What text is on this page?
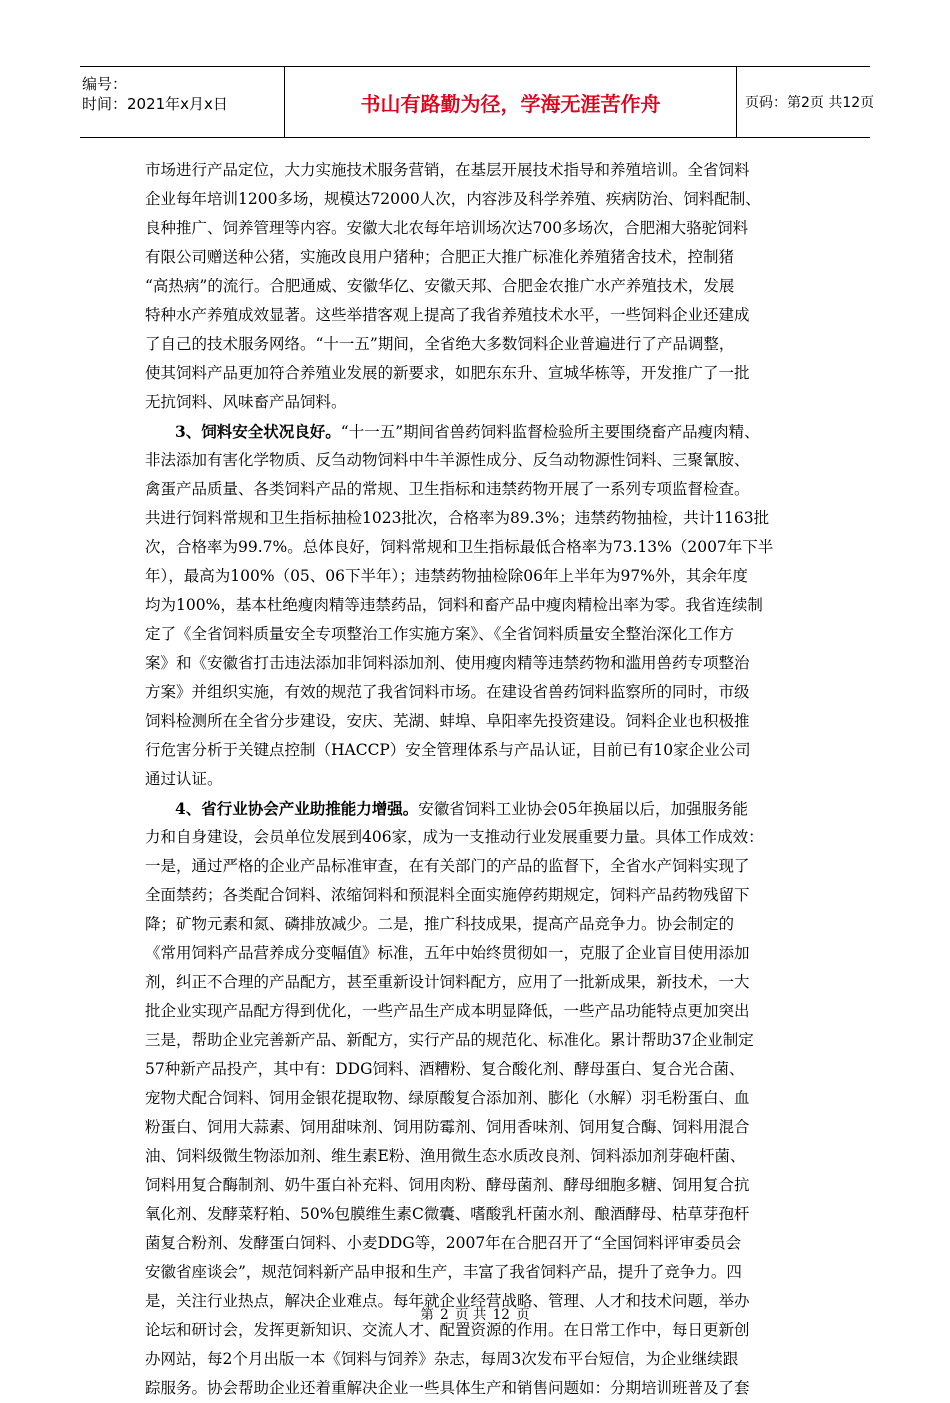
编号：
时间：2021年x月x日	书山有路勤为径，学海无涯苦作舟	页码：第2页 共12页
市场进行产品定位，大力实施技术服务营销，在基层开展技术指导和养殖培训。全省饲料
企业每年培训1200多场，规模达72000人次，内容涉及科学养殖、疾病防治、饲料配制、
良种推广、饲养管理等内容。安徽大北农每年培训场次达700多场次，合肥湘大骆驼饲料
有限公司赠送种公猪，实施改良用户猪种；合肥正大推广标准化养殖猪舍技术，控制猪
“高热病”的流行。合肥通威、安徽华亿、安徽天邦、合肥金农推广水产养殖技术，发展
特种水产养殖成效显著。这些举措客观上提高了我省养殖技术水平，一些饲料企业还建成
了自己的技术服务网络。“十一五”期间，全省绝大多数饲料企业普遍进行了产品调整，
使其饲料产品更加符合养殖业发展的新要求，如肥东东升、宣城华栋等，开发推广了一批
无抗饲料、风味畜产品饲料。
3、饲料安全状况良好。“十一五”期间省兽药饲料监督检验所主要围绕畜产品瘦肉精、
非法添加有害化学物质、反刍动物饲料中牛羊源性成分、反刍动物源性饲料、三聚氰胺、
禽蛋产品质量、各类饲料产品的常规、卫生指标和违禁药物开展了一系列专项监督检查。
共进行饲料常规和卫生指标抽检1023批次，合格率为89.3%；违禁药物抽检，共计1163批
次，合格率为99.7%。总体良好，饲料常规和卫生指标最低合格率为73.13%（2007年下半
年），最高为100%（05、06下半年）；违禁药物抽检除06年上半年为97%外，其余年度
均为100%，基本杜绝瘦肉精等违禁药品，饲料和畜产品中瘦肉精检出率为零。我省连续制
定了《全省饲料质量安全专项整治工作实施方案》、《全省饲料质量安全整治深化工作方
案》和《安徽省打击违法添加非饲料添加剂、使用瘦肉精等违禁药物和滥用兽药专项整治
方案》并组织实施，有效的规范了我省饲料市场。在建设省兽药饲料监察所的同时，市级
饲料检测所在全省分步建设，安庆、芜湖、蚌埠、阜阳率先投资建设。饲料企业也积极推
行危害分析于关键点控制（HACCP）安全管理体系与产品认证，目前已有10家企业公司
通过认证。
4、省行业协会产业助推能力增强。安徽省饲料工业协会05年换届以后，加强服务能
力和自身建设，会员单位发展到406家，成为一支推动行业发展重要力量。具体工作成效：
一是，通过严格的企业产品标准审查，在有关部门的产品的监督下，全省水产饲料实现了
全面禁药；各类配合饲料、浓缩饲料和预混料全面实施停药期规定，饲料产品药物残留下
降；矿物元素和氮、磷排放减少。二是，推广科技成果，提高产品竞争力。协会制定的
《常用饲料产品营养成分变幅值》标准，五年中始终贯彻如一，克服了企业盲目使用添加
剂，纠正不合理的产品配方，甚至重新设计饲料配方，应用了一批新成果，新技术，一大
批企业实现产品配方得到优化，一些产品生产成本明显降低，一些产品功能特点更加突出
三是，帮助企业完善新产品、新配方，实行产品的规范化、标准化。累计帮助37企业制定
57种新产品投产，其中有：DDG饲料、酒糟粉、复合酸化剂、酵母蛋白、复合光合菌、
宠物犬配合饲料、饲用金银花提取物、绿原酸复合添加剂、膨化（水解）羽毛粉蛋白、血
粉蛋白、饲用大蒜素、饲用甜味剂、饲用防霉剂、饲用香味剂、饲用复合酶、饲料用混合
油、饲料级微生物添加剂、维生素E粉、渔用微生态水质改良剂、饲料添加剂芽砲杆菌、
饲料用复合酶制剂、奶牛蛋白补充料、饲用肉粉、酵母菌剂、酵母细胞多糖、饲用复合抗
氧化剂、发酵菜籽粕、50%包膜维生素C微囊、嗜酸乳杆菌水剂、酿酒酵母、枯草芽孢杆
菌复合粉剂、发酵蛋白饲料、小麦DDG等，2007年在合肥召开了“全国饲料评审委员会
安徽省座谈会”，规范饲料新产品申报和生产，丰富了我省饲料产品，提升了竞争力。四
是，关注行业热点，解决企业难点。每年就企业经营战略、管理、人才和技术问题，举办
论坛和研讨会，发挥更新知识、交流人才、配置资源的作用。在日常工作中，每日更新创
办网站，每2个月出版一本《饲料与饲养》杂志，每周3次发布平台短信，为企业继续跟
踪服务。协会帮助企业还着重解决企业一些具体生产和销售问题如：分期培训班普及了套
第 2 页 共 12 页
